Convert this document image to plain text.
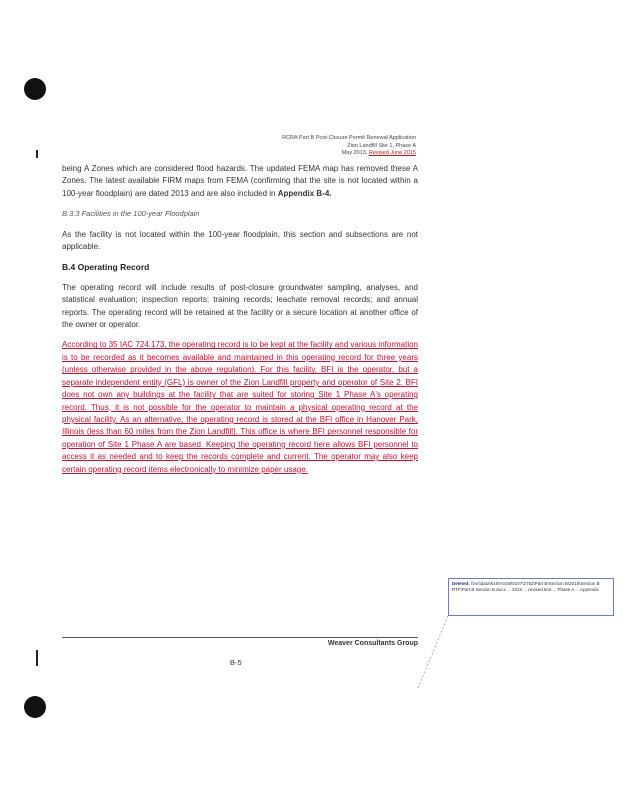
RCRA Part B Post-Closure Permit Renewal Application
Zion Landfill Site 1, Phase A
May 2013, Revised June 2015

being A Zones which are considered flood hazards. The updated FEMA map has removed these A Zones. The latest available FIRM maps from FEMA (confirming that the site is not located within a 100-year floodplain) are dated 2013 and are also included in Appendix B-4.

B.3.3 Facilities in the 100-year Floodplain

As the facility is not located within the 100-year floodplain, this section and subsections are not applicable.

B.4 Operating Record

The operating record will include results of post-closure groundwater sampling, analyses, and statistical evaluation; inspection reports; training records; leachate removal records; and annual reports. The operating record will be retained at the facility or a secure location at another office of the owner or operator.

According to 35 IAC 724.173, the operating record is to be kept at the facility and various information is to be recorded as it becomes available and maintained in this operating record for three years (unless otherwise provided in the above regulation). For this facility, BFI is the operator, but a separate independent entity (GFL) is owner of the Zion Landfill property and operator of Site 2. BFI does not own any buildings at the facility that are suited for storing Site 1 Phase A's operating record. Thus, it is not possible for the operator to maintain a physical operating record at the physical facility. As an alternative, the operating record is stored at the BFI office in Hanover Park, Illinois (less than 60 miles from the Zion Landfill). This office is where BFI personnel responsible for operation of Site 1 Phase A are based. Keeping the operating record here allows BFI personnel to access it as needed and to keep the records complete and current. The operator may also keep certain operating record items electronically to minimize paper usage.

Deleted: \\ms\data\6100-01\8\0107\2752\Part B\Section B\2015\Section B RTF\Part B Section B.docx ... 2015 ... revised text ... Phase A ... Appendix
Weaver Consultants Group
B-5
